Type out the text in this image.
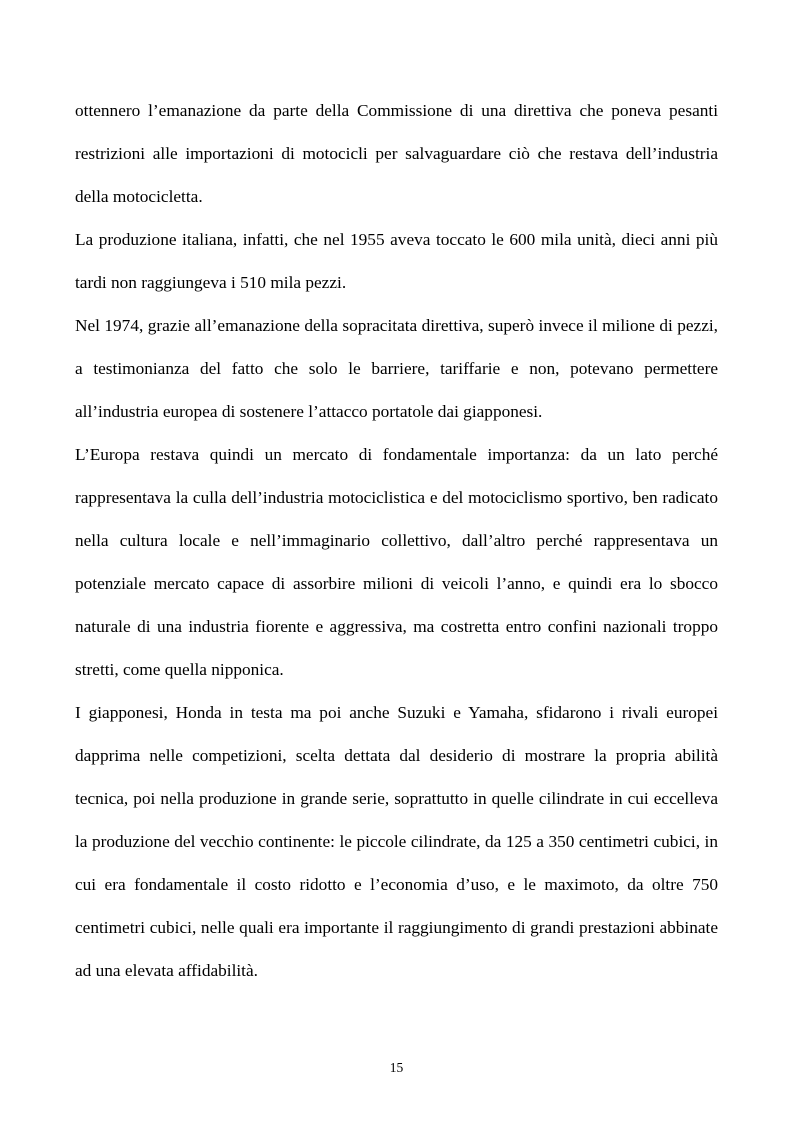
ottennero l’emanazione da parte della Commissione di una direttiva che poneva pesanti restrizioni alle importazioni di motocicli per salvaguardare ciò che restava dell’industria della motocicletta.

La produzione italiana, infatti, che nel 1955 aveva toccato le 600 mila unità, dieci anni più tardi non raggiungeva i 510 mila pezzi.

Nel 1974, grazie all’emanazione della sopracitata direttiva, superò invece il milione di pezzi, a testimonianza del fatto che solo le barriere, tariffarie e non, potevano permettere all’industria europea di sostenere l’attacco portatole dai giapponesi.

L’Europa restava quindi un mercato di fondamentale importanza: da un lato perché rappresentava la culla dell’industria motociclistica e del motociclismo sportivo, ben radicato nella cultura locale e nell’immaginario collettivo, dall’altro perché rappresentava un potenziale mercato capace di assorbire milioni di veicoli l’anno, e quindi era lo sbocco naturale di una industria fiorente e aggressiva, ma costretta entro confini nazionali troppo stretti, come quella nipponica.

I giapponesi, Honda in testa ma poi anche Suzuki e Yamaha, sfidarono i rivali europei dapprima nelle competizioni, scelta dettata dal desiderio di mostrare la propria abilità tecnica, poi nella produzione in grande serie, soprattutto in quelle cilindrate in cui eccelleva la produzione del vecchio continente: le piccole cilindrate, da 125 a 350 centimetri cubici, in cui era fondamentale il costo ridotto e l’economia d’uso, e le maximoto, da oltre 750 centimetri cubici, nelle quali era importante il raggiungimento di grandi prestazioni abbinate ad una elevata affidabilità.

15
